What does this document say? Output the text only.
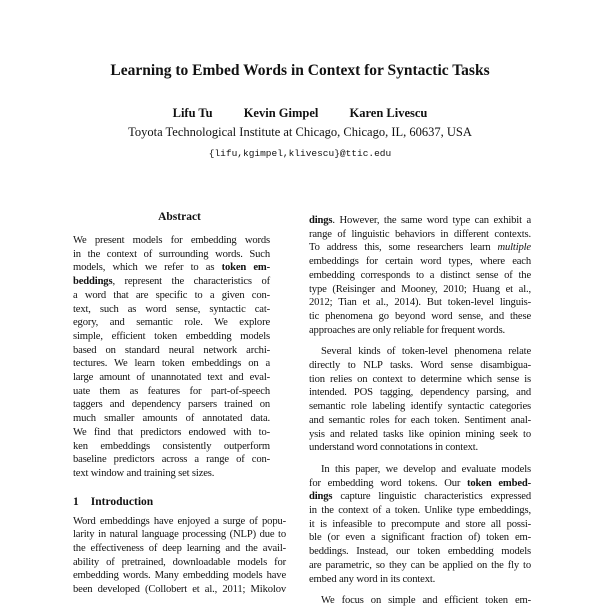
Learning to Embed Words in Context for Syntactic Tasks
Lifu Tu Kevin Gimpel Karen Livescu
Toyota Technological Institute at Chicago, Chicago, IL, 60637, USA
{lifu,kgimpel,klivescu}@ttic.edu
Abstract
We present models for embedding words
in the context of surrounding words. Such
models, which we refer to as token em-
beddings, represent the characteristics of
a word that are specific to a given con-
text, such as word sense, syntactic cat-
egory, and semantic role. We explore
simple, efficient token embedding models
based on standard neural network archi-
tectures. We learn token embeddings on a
large amount of unannotated text and eval-
uate them as features for part-of-speech
taggers and dependency parsers trained on
much smaller amounts of annotated data.
We find that predictors endowed with to-
ken embeddings consistently outperform
baseline predictors across a range of con-
text window and training set sizes.
1 Introduction
Word embeddings have enjoyed a surge of popu-
larity in natural language processing (NLP) due to
the effectiveness of deep learning and the avail-
ability of pretrained, downloadable models for
embedding words. Many embedding models have
been developed (Collobert et al., 2011; Mikolov
dings. However, the same word type can exhibit a
range of linguistic behaviors in different contexts.
To address this, some researchers learn multiple
embeddings for certain word types, where each
embedding corresponds to a distinct sense of the
type (Reisinger and Mooney, 2010; Huang et al.,
2012; Tian et al., 2014). But token-level linguis-
tic phenomena go beyond word sense, and these
approaches are only reliable for frequent words.
Several kinds of token-level phenomena relate
directly to NLP tasks. Word sense disambigua-
tion relies on context to determine which sense is
intended. POS tagging, dependency parsing, and
semantic role labeling identify syntactic categories
and semantic roles for each token. Sentiment anal-
ysis and related tasks like opinion mining seek to
understand word connotations in context.
In this paper, we develop and evaluate models
for embedding word tokens. Our token embed-
dings capture linguistic characteristics expressed
in the context of a token. Unlike type embeddings,
it is infeasible to precompute and store all possi-
ble (or even a significant fraction of) token em-
beddings. Instead, our token embedding models
are parametric, so they can be applied on the fly to
embed any word in its context.
We focus on simple and efficient token em-
